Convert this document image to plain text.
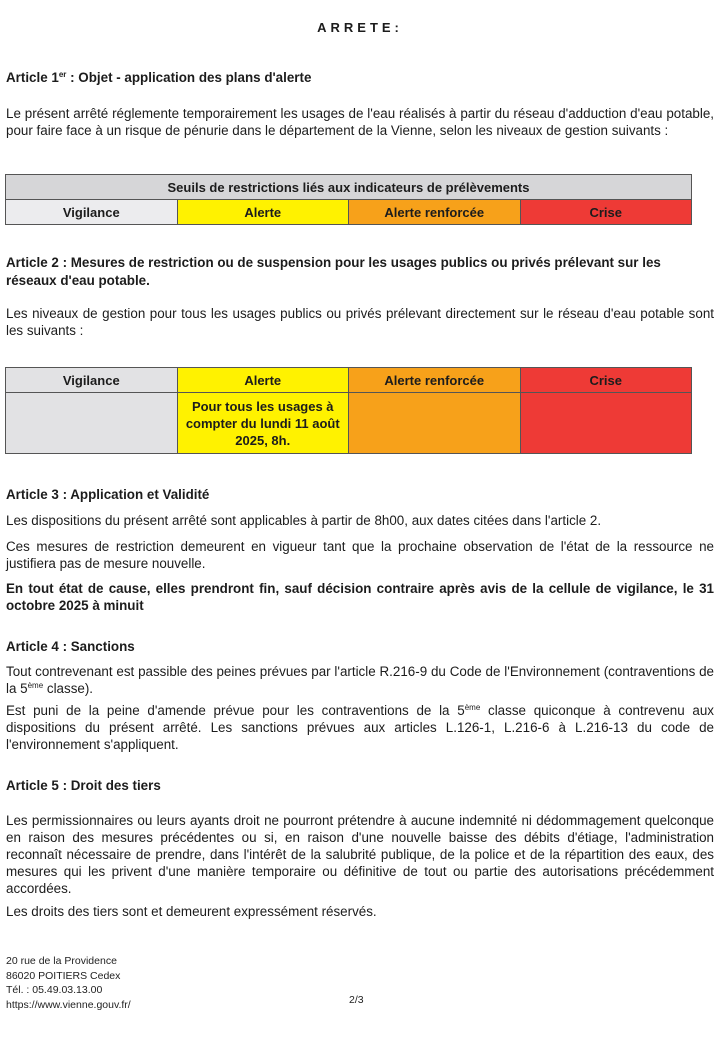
ARRETE:
Article 1er : Objet - application des plans d'alerte
Le présent arrêté réglemente temporairement les usages de l'eau réalisés à partir du réseau d'adduction d'eau potable, pour faire face à un risque de pénurie dans le département de la Vienne, selon les niveaux de gestion suivants :
Seuils de restrictions liés aux indicateurs de prélèvements
Vigilance	Alerte	Alerte renforcée	Crise
Article 2 : Mesures de restriction ou de suspension pour les usages publics ou privés prélevant sur les réseaux d'eau potable.
Les niveaux de gestion pour tous les usages publics ou privés prélevant directement sur le réseau d'eau potable sont les suivants :
Vigilance	Alerte	Alerte renforcée	Crise

	Pour tous les usages à compter du lundi 11 août 2025, 8h.		

Article 3 : Application et Validité
Les dispositions du présent arrêté sont applicables à partir de 8h00, aux dates citées dans l'article 2.
Ces mesures de restriction demeurent en vigueur tant que la prochaine observation de l'état de la ressource ne justifiera pas de mesure nouvelle.
En tout état de cause, elles prendront fin, sauf décision contraire après avis de la cellule de vigilance, le 31 octobre 2025 à minuit
Article 4 : Sanctions
Tout contrevenant est passible des peines prévues par l'article R.216-9 du Code de l'Environnement (contraventions de la 5ème classe).
Est puni de la peine d'amende prévue pour les contraventions de la 5ème classe quiconque à contrevenu aux dispositions du présent arrêté. Les sanctions prévues aux articles L.126-1, L.216-6 à L.216-13 du code de l'environnement s'appliquent.
Article 5 : Droit des tiers
Les permissionnaires ou leurs ayants droit ne pourront prétendre à aucune indemnité ni dédommagement quelconque en raison des mesures précédentes ou si, en raison d'une nouvelle baisse des débits d'étiage, l'administration reconnaît nécessaire de prendre, dans l'intérêt de la salubrité publique, de la police et de la répartition des eaux, des mesures qui les privent d'une manière temporaire ou définitive de tout ou partie des autorisations précédemment accordées.
Les droits des tiers sont et demeurent expressément réservés.
20 rue de la Providence
86020 POITIERS Cedex
Tél. : 05.49.03.13.00
https://www.vienne.gouv.fr/	2/3
